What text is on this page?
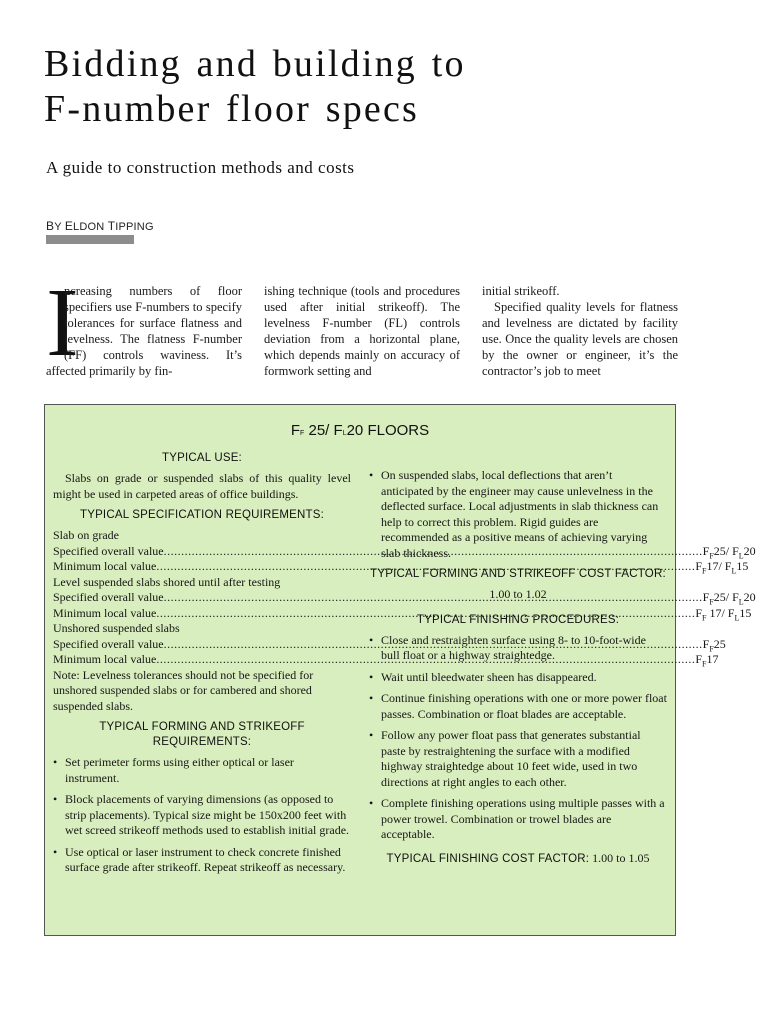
Bidding and building to
F-number floor specs

A guide to construction methods and costs

BY ELDON TIPPING
I

ncreasing numbers of floor specifiers use F-numbers to specify tolerances for surface flatness and levelness. The flatness F-number (FF) controls waviness. It’s affected primarily by fin-

ishing technique (tools and procedures used after initial strikeoff). The levelness F-number (FL) controls deviation from a horizontal plane, which depends mainly on accuracy of formwork setting and

initial strikeoff.

Specified quality levels for flatness and levelness are dictated by facility use. Once the quality levels are chosen by the owner or engineer, it’s the contractor’s job to meet

FF 25/ FL20 FLOORS
TYPICAL USE:

Slabs on grade or suspended slabs of this quality level might be used in carpeted areas of office buildings.

TYPICAL SPECIFICATION REQUIREMENTS:
Slab on grade
Specified overall value .....	$F_F25/$ $F_L20$
Minimum local value .....	$F_F17/$ $F_L15$
Level suspended slabs shored until after testing
Specified overall value .....	$F_F25/$ $F_L20$
Minimum local value .....	$F_F$ 17/ $F_L15$
Unshored suspended slabs
Specified overall value .....	$F_F25$
Minimum local value .....	$F_F17$

Note: Levelness tolerances should not be specified for unshored suspended slabs or for cambered and shored suspended slabs.

TYPICAL FORMING AND STRIKEOFF
REQUIREMENTS:
• Set perimeter forms using either optical or laser instrument.
• Block placements of varying dimensions (as opposed to strip placements). Typical size might be 150x200 feet with wet screed strikeoff methods used to establish initial grade.
• Use optical or laser instrument to check concrete finished surface grade after strikeoff. Repeat strikeoff as necessary.
• On suspended slabs, local deflections that aren’t anticipated by the engineer may cause unlevelness in the deflected surface. Local adjustments in slab thickness can help to correct this problem. Rigid guides are recommended as a positive means of achieving varying slab thickness.
TYPICAL FORMING AND STRIKEOFF COST FACTOR:
1.00 to 1.02
TYPICAL FINISHING PROCEDURES:
• Close and restraighten surface using 8- to 10-foot-wide bull float or a highway straightedge.
• Wait until bleedwater sheen has disappeared.
• Continue finishing operations with one or more power float passes. Combination or float blades are acceptable.
• Follow any power float pass that generates substantial paste by restraightening the surface with a modified highway straightedge about 10 feet wide, used in two directions at right angles to each other.
• Complete finishing operations using multiple passes with a power trowel. Combination or trowel blades are acceptable.
TYPICAL FINISHING COST FACTOR: 1.00 to 1.05
